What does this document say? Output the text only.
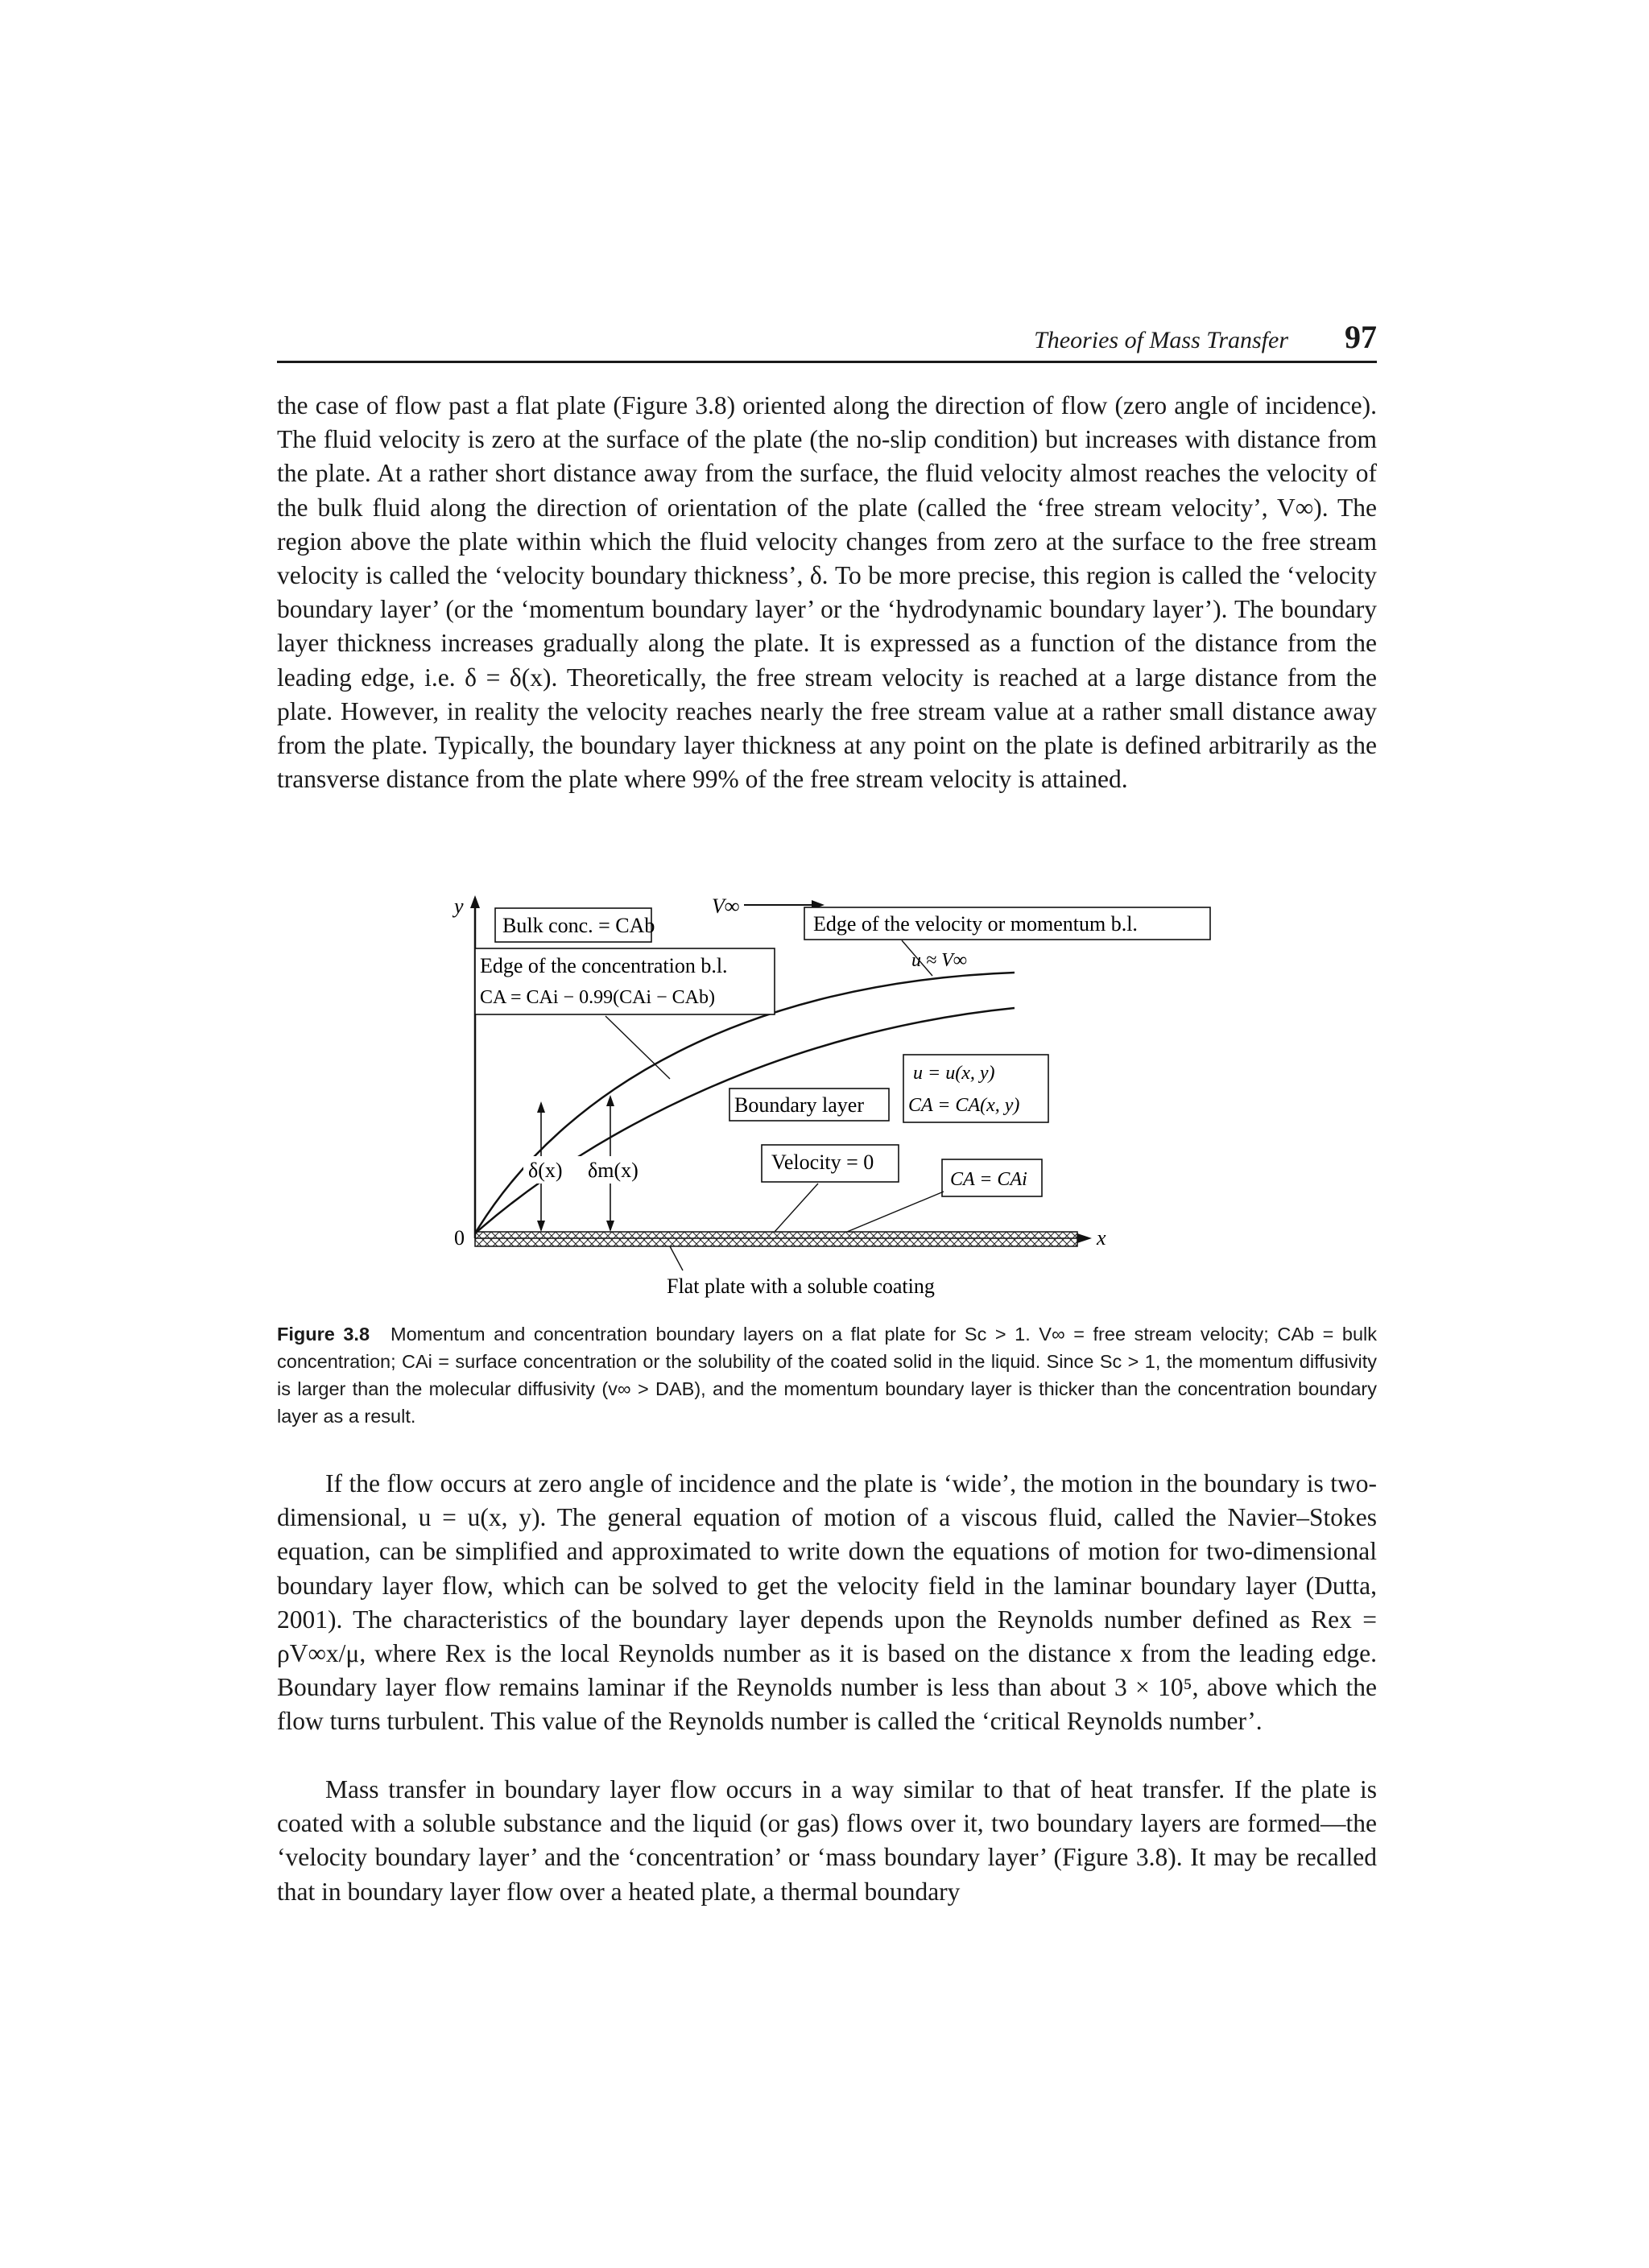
Theories of Mass Transfer 97

the case of flow past a flat plate (Figure 3.8) oriented along the direction of flow (zero angle of incidence). The fluid velocity is zero at the surface of the plate (the no-slip condition) but increases with distance from the plate. At a rather short distance away from the surface, the fluid velocity almost reaches the velocity of the bulk fluid along the direction of orientation of the plate (called the ‘free stream velocity’, V∞). The region above the plate within which the fluid velocity changes from zero at the surface to the free stream velocity is called the ‘velocity boundary thickness’, δ. To be more precise, this region is called the ‘velocity boundary layer’ (or the ‘momentum boundary layer’ or the ‘hydrodynamic boundary layer’). The boundary layer thickness increases gradually along the plate. It is expressed as a function of the distance from the leading edge, i.e. δ = δ(x). Theoretically, the free stream velocity is reached at a large distance from the plate. However, in reality the velocity reaches nearly the free stream value at a rather small distance away from the plate. Typically, the boundary layer thickness at any point on the plate is defined arbitrarily as the transverse distance from the plate where 99% of the free stream velocity is attained.

y
x
0
V∞
Bulk conc. = CAb
Edge of the concentration b.l.
CA = CAi − 0.99(CAi − CAb)
Edge of the velocity or momentum b.l.
u ≈ V∞
u = u(x, y)
CA = CA(x, y)
Boundary layer
Velocity = 0
CA = CAi
δ(x) δm(x)
Flat plate with a soluble coating

Figure 3.8 Momentum and concentration boundary layers on a flat plate for Sc > 1. V∞ = free stream velocity; CAb = bulk concentration; CAi = surface concentration or the solubility of the coated solid in the liquid. Since Sc > 1, the momentum diffusivity is larger than the molecular diffusivity (v∞ > DAB), and the momentum boundary layer is thicker than the concentration boundary layer as a result.

If the flow occurs at zero angle of incidence and the plate is ‘wide’, the motion in the boundary is two-dimensional, u = u(x, y). The general equation of motion of a viscous fluid, called the Navier–Stokes equation, can be simplified and approximated to write down the equations of motion for two-dimensional boundary layer flow, which can be solved to get the velocity field in the laminar boundary layer (Dutta, 2001). The characteristics of the boundary layer depends upon the Reynolds number defined as Rex = ρV∞x/μ, where Rex is the local Reynolds number as it is based on the distance x from the leading edge. Boundary layer flow remains laminar if the Reynolds number is less than about 3 × 10⁵, above which the flow turns turbulent. This value of the Reynolds number is called the ‘critical Reynolds number’.

Mass transfer in boundary layer flow occurs in a way similar to that of heat transfer. If the plate is coated with a soluble substance and the liquid (or gas) flows over it, two boundary layers are formed—the ‘velocity boundary layer’ and the ‘concentration’ or ‘mass boundary layer’ (Figure 3.8). It may be recalled that in boundary layer flow over a heated plate, a thermal boundary
